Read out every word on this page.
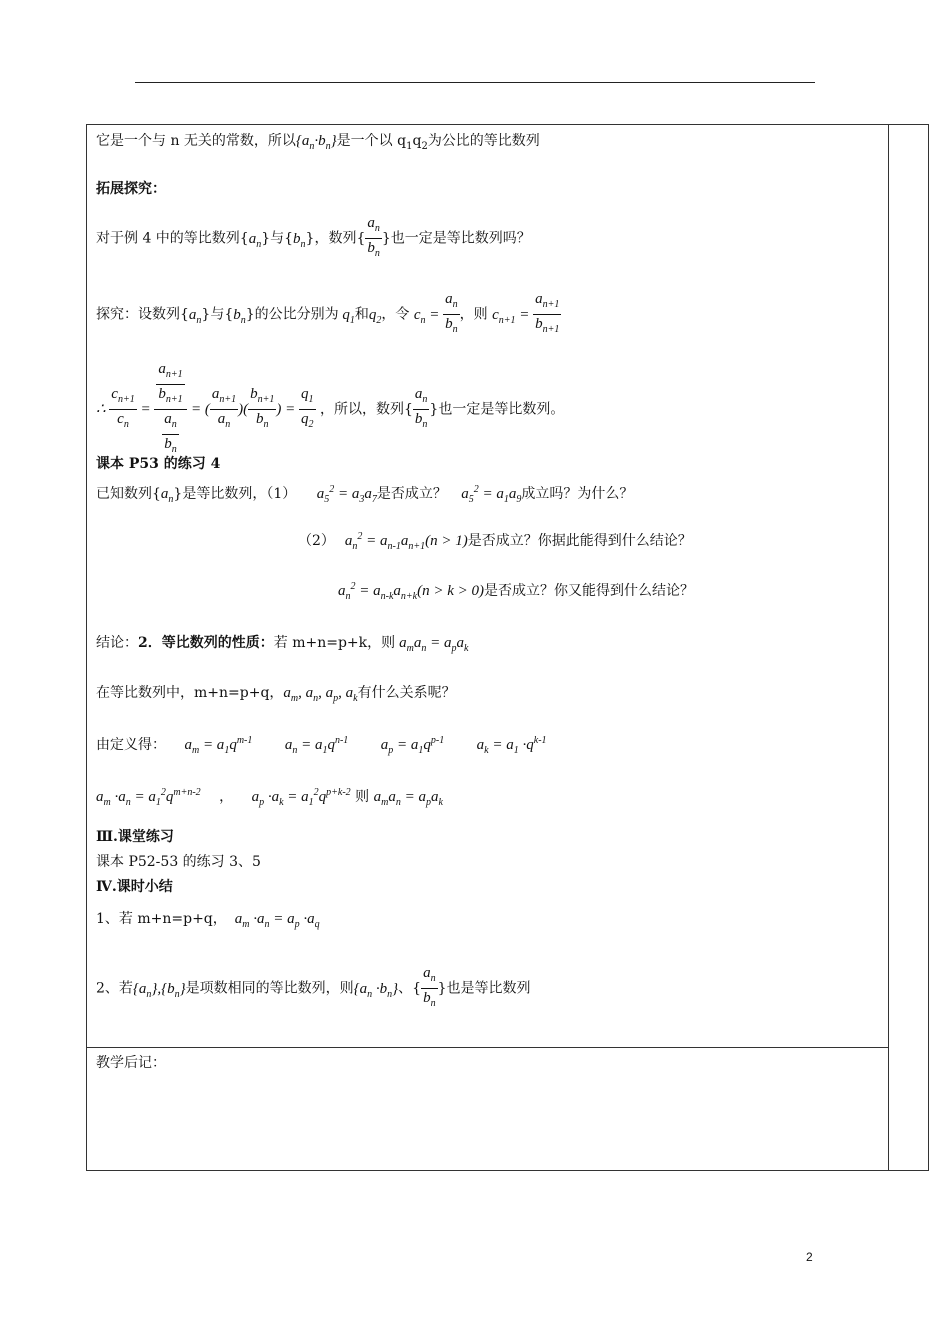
它是一个与 n 无关的常数，所以$\{a_n\cdot b_n\}$是一个以 $q_1q_2$为公比的等比数列
拓展探究：
对于例 4 中的等比数列$\{a_n\}$与$\{b_n\}$，数列{ $\frac{a_n}{b_n}$ }也一定是等比数列吗？
探究：设数列$\{a_n\}$与$\{b_n\}$的公比分别为 $q_1$和$q_2$，令 $c_n = \frac{a_n}{b_n}$ ，则 $c_{n+1} = \frac{a_{n+1}}{b_{n+1}}$
∴ $\frac{c_{n+1}}{c_n} = \frac{\frac{a_{n+1}}{b_{n+1}}}{\frac{a_n}{b_n}}$ = ( $\frac{a_{n+1}}{a_n}$ )( $\frac{b_{n+1}}{b_n}$ ) = $\frac{q_1}{q_2}$ ，所以，数列{ $\frac{a_n}{b_n}$ }也一定是等比数列。
课本 P53 的练习 4
已知数列$\{a_n\}$是等比数列，（1） $a_5^2 = a_3a_7$是否成立？ $a_5^2 = a_1a_9$成立吗？为什么？
（2） $a_n^2 = a_{n-1}a_{n+1}(n > 1)$是否成立？你据此能得到什么结论？
$a_n^2 = a_{n-k}a_{n+k}(n > k > 0)$是否成立？你又能得到什么结论？
结论：2．等比数列的性质：若 m+n=p+k，则 $a_ma_n = a_pa_k$
在等比数列中，m+n=p+q，$a_m$, $a_n$, $a_p$, $a_k$有什么关系呢？
由定义得： $a_m = a_1q^{m-1}$ $a_n = a_1q^{n-1}$ $a_p = a_1q^{p-1}$ $a_k = a_1 \cdot q^{k-1}$
$a_m \cdot a_n = a_1^2q^{m+n-2}$ ， $a_p \cdot a_k = a_1^2q^{p+k-2}$ 则 $a_ma_n = a_pa_k$
Ⅲ.课堂练习
课本 P52-53 的练习 3、5
Ⅳ.课时小结
1、若 m+n=p+q， $a_m \cdot a_n = a_p \cdot a_q$
2、若$\{a_n\},\{b_n\}$是项数相同的等比数列，则$\{a_n \cdot b_n\}$、{ $\frac{a_n}{b_n}$ }也是等比数列
教学后记：
2
